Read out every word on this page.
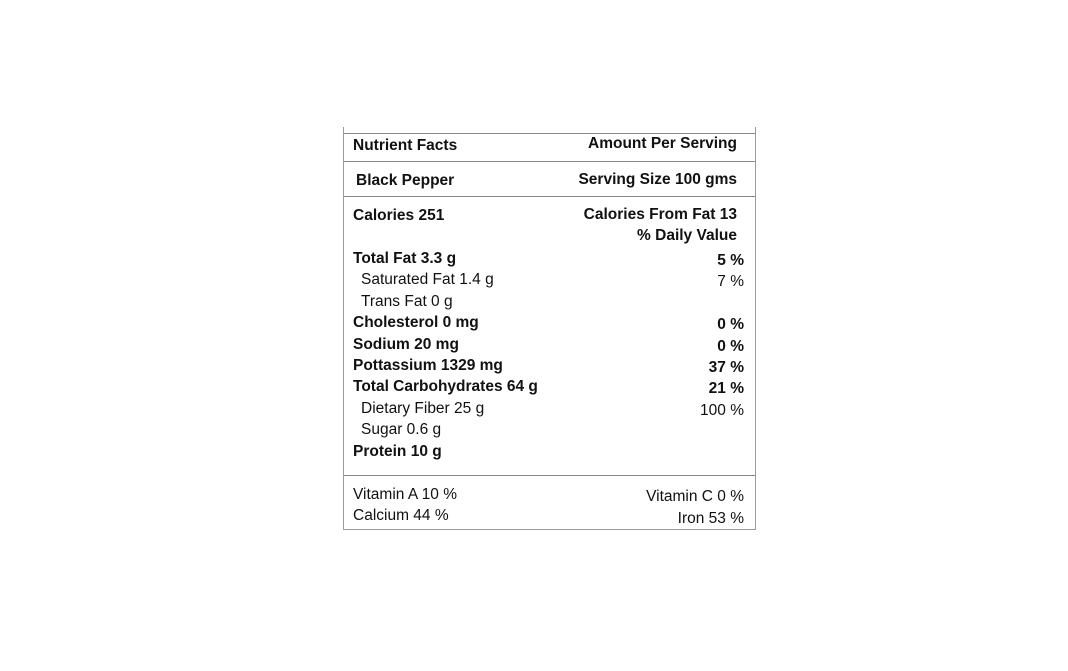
Nutrient Facts	Amount Per Serving
Black Pepper	Serving Size 100 gms
Calories 251	Calories From Fat 13
% Daily Value
Total Fat 3.3 g	5 %
Saturated Fat 1.4 g	7 %
Trans Fat 0 g
Cholesterol 0 mg	0 %
Sodium 20 mg	0 %
Pottassium 1329 mg	37 %
Total Carbohydrates 64 g	21 %
Dietary Fiber 25 g	100 %
Sugar 0.6 g
Protein 10 g
Vitamin A 10 %	Vitamin C 0 %
Calcium 44 %	Iron 53 %
